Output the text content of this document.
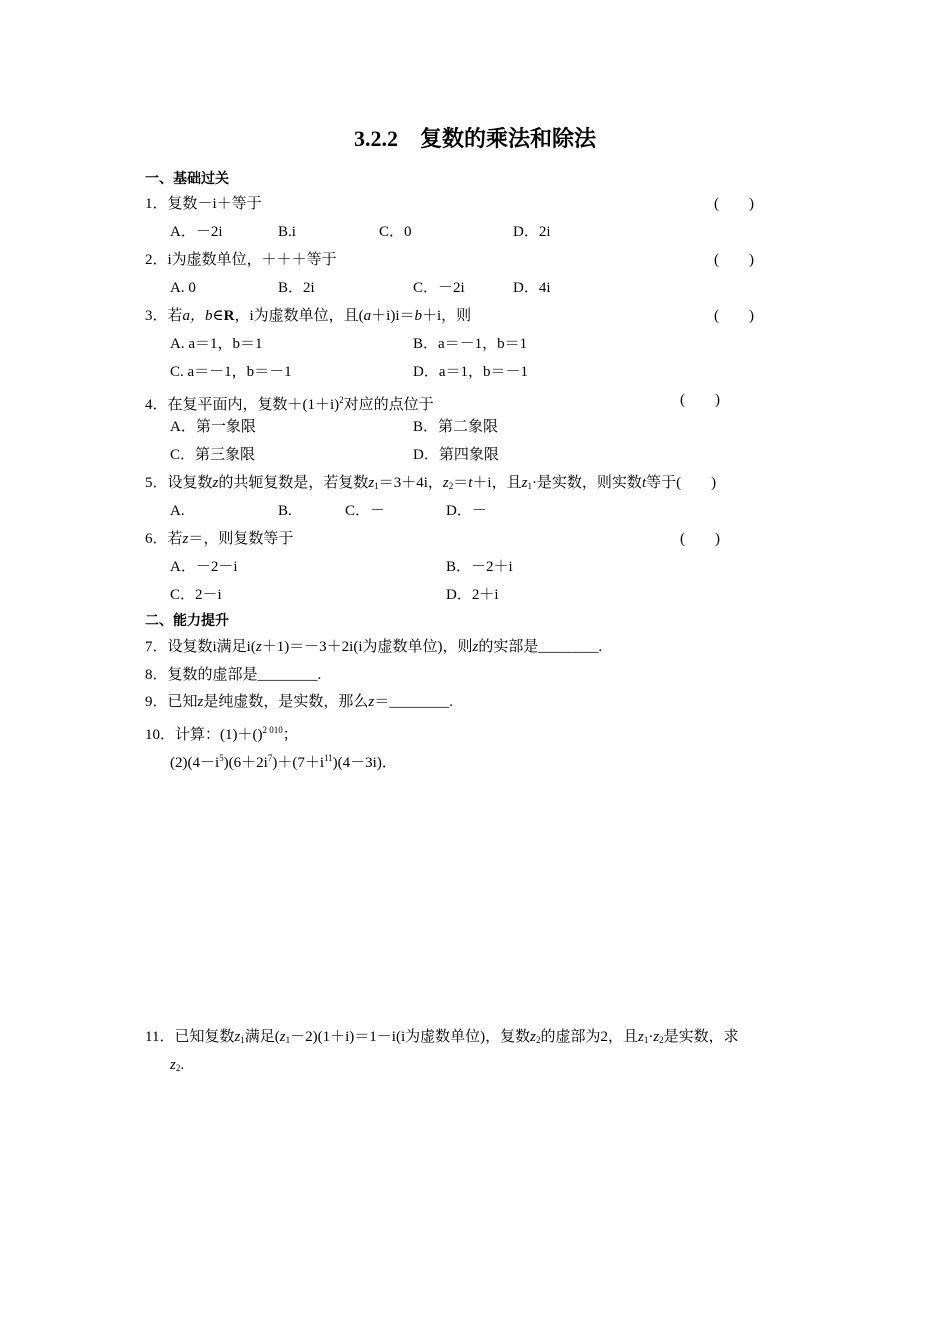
3.2.2　复数的乘法和除法
一、基础过关
1．复数－i＋等于	(　　)
A．－2i	B.i	C．0	D．2i
2．i为虚数单位，＋＋＋等于	(　　)
A. 0	B．2i	C．－2i	D．4i
3．若a，b∈R，i为虚数单位，且(a＋i)i＝b＋i，则	(　　)
A. a＝1，b＝1	B．a＝－1，b＝1
C. a＝－1，b＝－1	D．a＝1，b＝－1
4．在复平面内，复数$+(1+i)^2$对应的点位于	(　　)
A．第一象限	B．第二象限
C．第三象限	D．第四象限
5．设复数z的共轭复数是，若复数$z_1=3+4i$，$z_2=t+i$，且$z_1\cdot$是实数，则实数t等于(　　)
A.	B.	C．－	D．－
6．若z＝，则复数等于	(　　)
A．－2－i	B．－2＋i
C．2－i	D．2＋i
二、能力提升
7．设复数i满足i(z＋1)＝－3＋2i(i为虚数单位)，则z的实部是________.
8．复数的虚部是________.
9．已知z是纯虚数，是实数，那么z＝________.
10．计算：(1)＋()$^{2 010}$；
$(2)(4-i^5)(6+2i^7)+(7+i^{11})(4-3i)$．
11．已知复数$z_1$满足$(z_1-2)(1+i)=1-i(i$为虚数单位)，复数$z_2$的虚部为2，且$z_1\cdot z_2$是实数，求
$z_2$.
